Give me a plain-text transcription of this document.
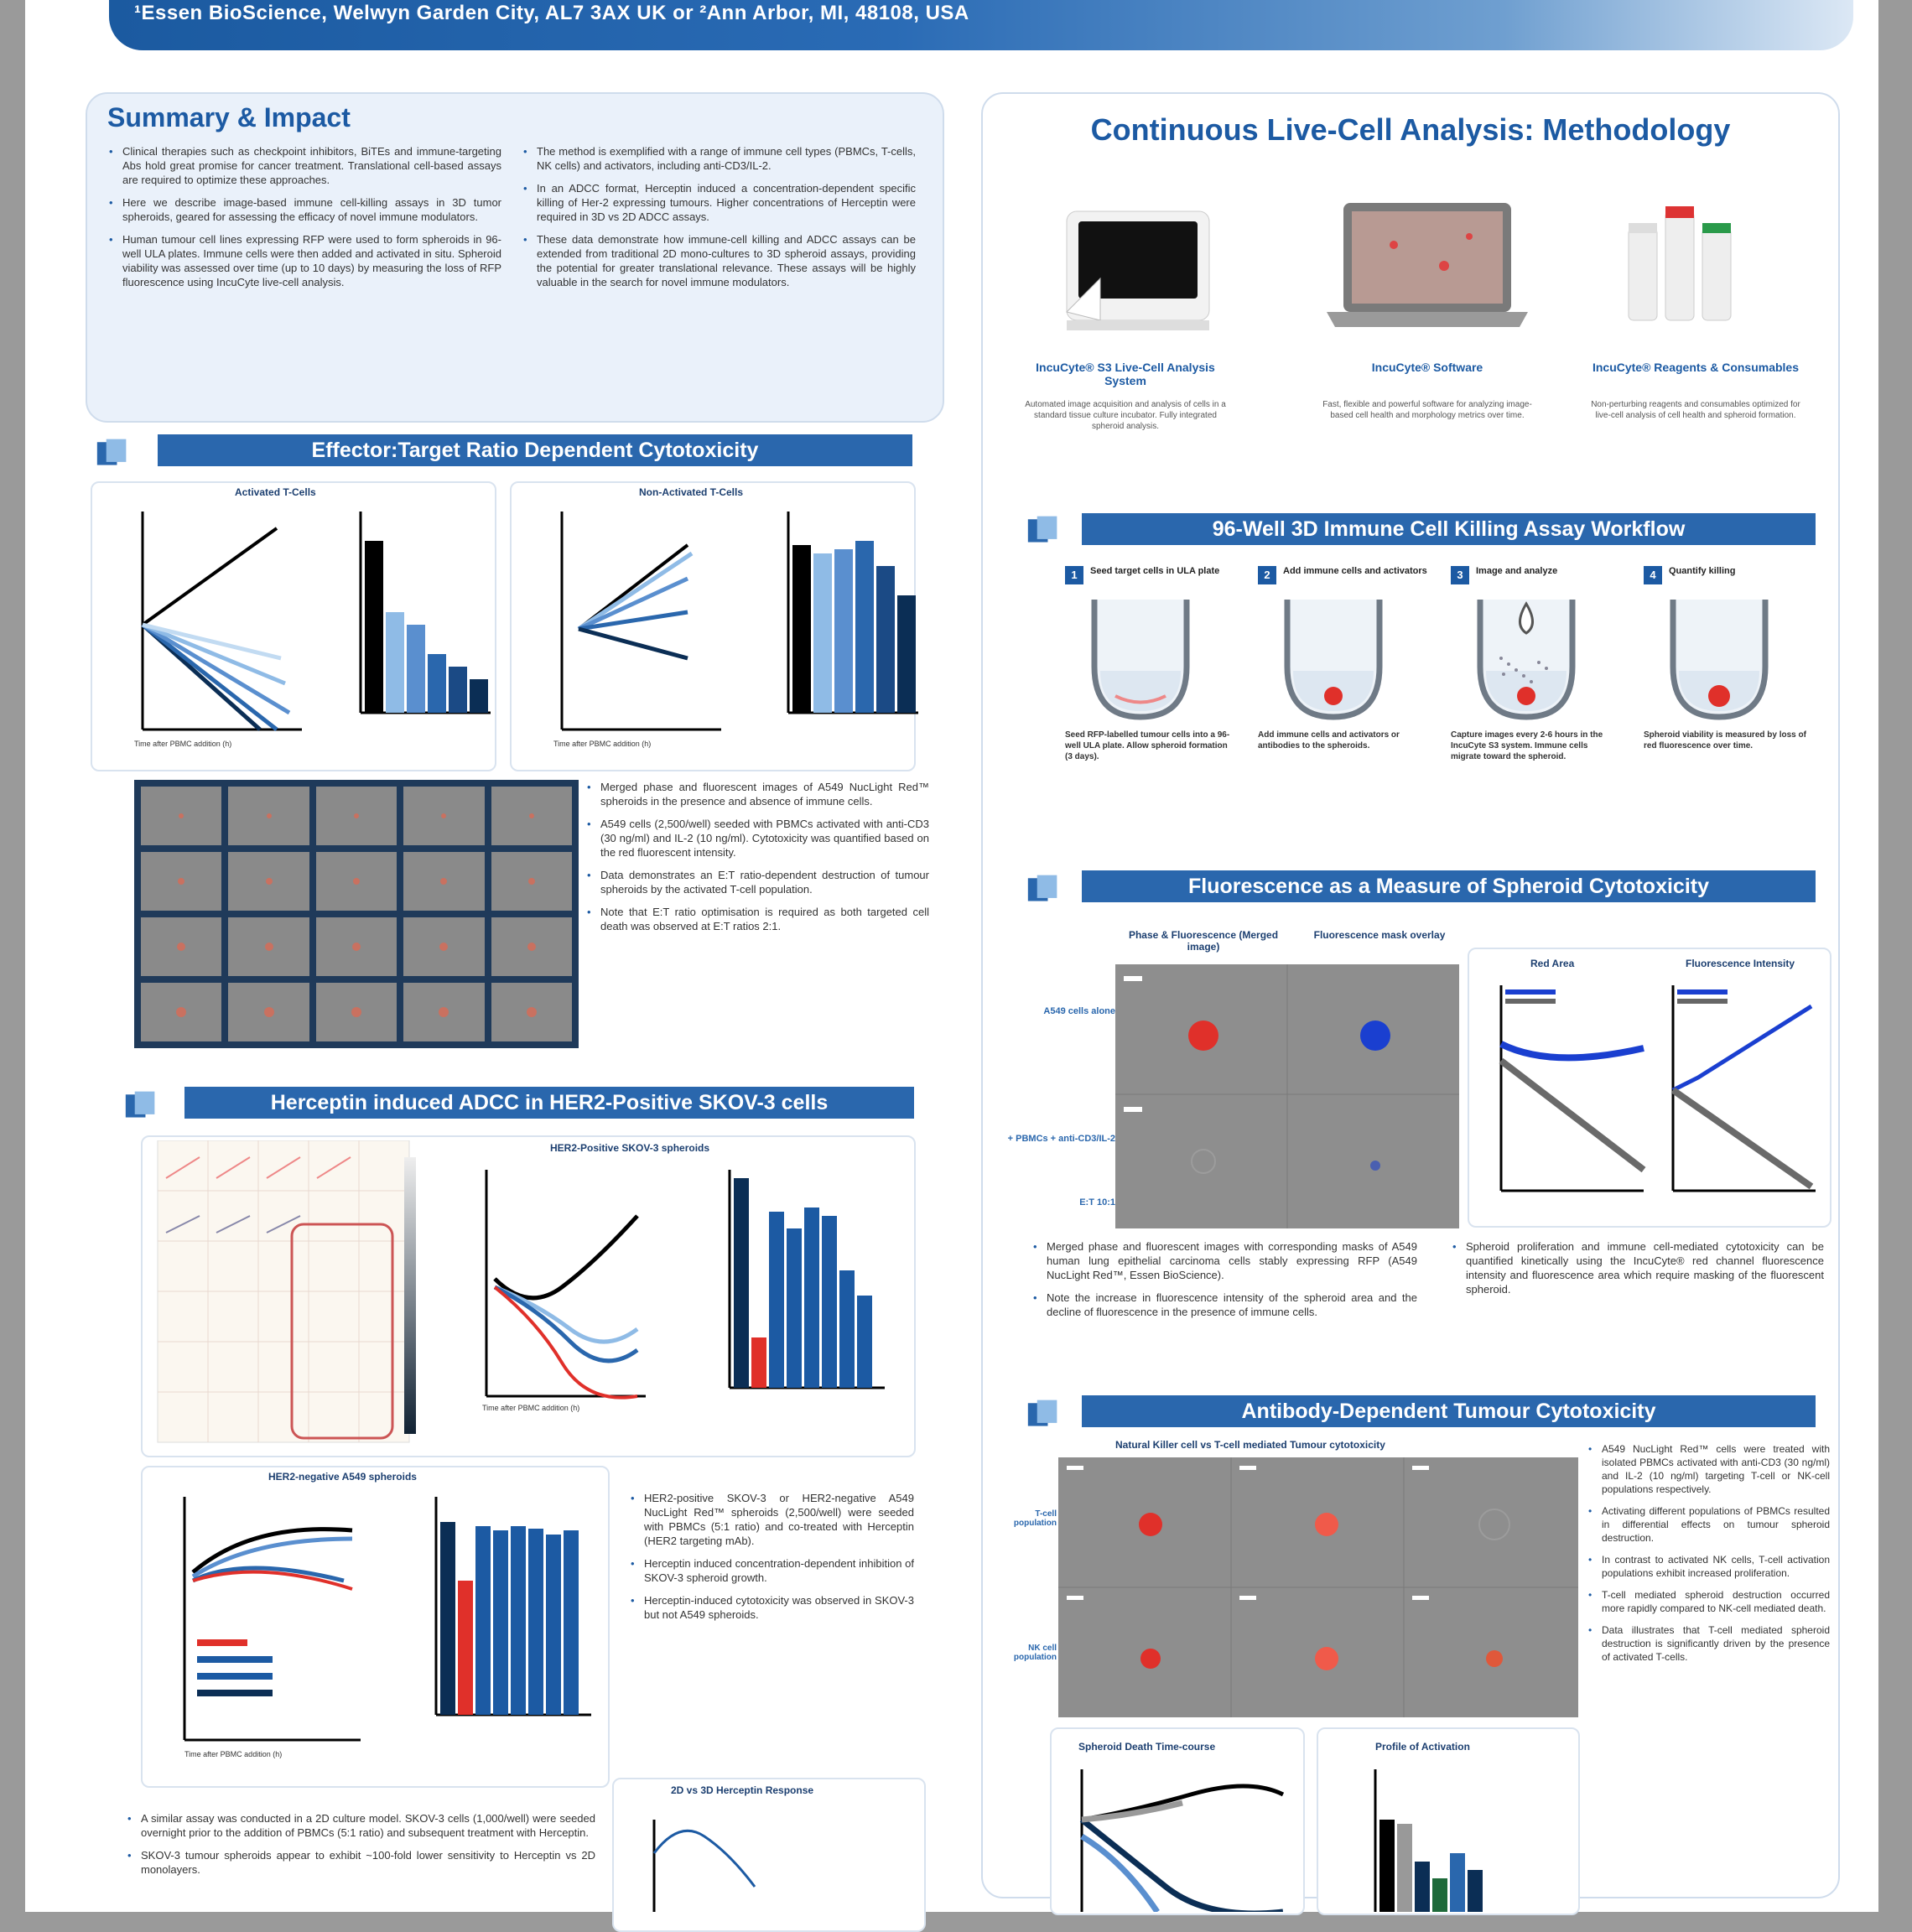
¹Essen BioScience, Welwyn Garden City, AL7 3AX UK or ²Ann Arbor, MI, 48108, USA
Summary & Impact

• Clinical therapies such as checkpoint inhibitors, BiTEs and immune-targeting Abs hold great promise for cancer treatment. Translational cell-based assays are required to optimize these approaches.

• Here we describe image-based immune cell-killing assays in 3D tumor spheroids, geared for assessing the efficacy of novel immune modulators.

• Human tumour cell lines expressing RFP were used to form spheroids in 96-well ULA plates. Immune cells were then added and activated in situ. Spheroid viability was assessed over time (up to 10 days) by measuring the loss of RFP fluorescence using IncuCyte live-cell analysis.

• The method is exemplified with a range of immune cell types (PBMCs, T-cells, NK cells) and activators, including anti-CD3/IL-2.

• In an ADCC format, Herceptin induced a concentration-dependent specific killing of Her-2 expressing tumours. Higher concentrations of Herceptin were required in 3D vs 2D ADCC assays.

• These data demonstrate how immune-cell killing and ADCC assays can be extended from traditional 2D mono-cultures to 3D spheroid assays, providing the potential for greater translational relevance. These assays will be highly valuable in the search for novel immune modulators.

Continuous Live-Cell Analysis: Methodology
IncuCyte® S3 Live-Cell Analysis System
Automated image acquisition and analysis of cells in a standard tissue culture incubator. Fully integrated spheroid analysis.
IncuCyte® Software
Fast, flexible and powerful software for analyzing image-based cell health and morphology metrics over time.
IncuCyte® Reagents & Consumables
Non-perturbing reagents and consumables optimized for live-cell analysis of cell health and spheroid formation.
Effector:Target Ratio Dependent Cytotoxicity
Activated T-Cells	Non-Activated T-Cells
Time after PBMC addition (h)	Time after PBMC addition (h)

• Merged phase and fluorescent images of A549 NucLight Red™ spheroids in the presence and absence of immune cells.

• A549 cells (2,500/well) seeded with PBMCs activated with anti-CD3 (30 ng/ml) and IL-2 (10 ng/ml). Cytotoxicity was quantified based on the red fluorescent intensity.

• Data demonstrates an E:T ratio-dependent destruction of tumour spheroids by the activated T-cell population.

• Note that E:T ratio optimisation is required as both targeted cell death was observed at E:T ratios 2:1.

Herceptin induced ADCC in HER2-Positive SKOV-3 cells
HER2-Positive SKOV-3 spheroids
Time after PBMC addition (h)
HER2-negative A549 spheroids
Time after PBMC addition (h)

• HER2-positive SKOV-3 or HER2-negative A549 NucLight Red™ spheroids (2,500/well) were seeded with PBMCs (5:1 ratio) and co-treated with Herceptin (HER2 targeting mAb).

• Herceptin induced concentration-dependent inhibition of SKOV-3 spheroid growth.

• Herceptin-induced cytotoxicity was observed in SKOV-3 but not A549 spheroids.

• A similar assay was conducted in a 2D culture model. SKOV-3 cells (1,000/well) were seeded overnight prior to the addition of PBMCs (5:1 ratio) and subsequent treatment with Herceptin.

• SKOV-3 tumour spheroids appear to exhibit ~100-fold lower sensitivity to Herceptin vs 2D monolayers.

2D vs 3D Herceptin Response
96-Well 3D Immune Cell Killing Assay Workflow
1	Seed target cells in ULA plate
Seed RFP-labelled tumour cells into a 96-well ULA plate. Allow spheroid formation (3 days).
2	Add immune cells and activators
Add immune cells and activators or antibodies to the spheroids.
3	Image and analyze
Capture images every 2-6 hours in the IncuCyte S3 system. Immune cells migrate toward the spheroid.
4	Quantify killing
Spheroid viability is measured by loss of red fluorescence over time.
Fluorescence as a Measure of Spheroid Cytotoxicity
Phase & Fluorescence (Merged image)
Fluorescence mask overlay
A549 cells alone
+ PBMCs + anti-CD3/IL-2
E:T 10:1
Red Area	Fluorescence Intensity

• Merged phase and fluorescent images with corresponding masks of A549 human lung epithelial carcinoma cells stably expressing RFP (A549 NucLight Red™, Essen BioScience).

• Note the increase in fluorescence intensity of the spheroid area and the decline of fluorescence in the presence of immune cells.

• Spheroid proliferation and immune cell-mediated cytotoxicity can be quantified kinetically using the IncuCyte® red channel fluorescence intensity and fluorescence area which require masking of the fluorescent spheroid.

Antibody-Dependent Tumour Cytotoxicity
Natural Killer cell vs T-cell mediated Tumour cytotoxicity
T-cell population
NK cell population
Spheroid Death Time-course	Profile of Activation

• A549 NucLight Red™ cells were treated with isolated PBMCs activated with anti-CD3 (30 ng/ml) and IL-2 (10 ng/ml) targeting T-cell or NK-cell populations respectively.

• Activating different populations of PBMCs resulted in differential effects on tumour spheroid destruction.

• In contrast to activated NK cells, T-cell activation populations exhibit increased proliferation.

• T-cell mediated spheroid destruction occurred more rapidly compared to NK-cell mediated death.

• Data illustrates that T-cell mediated spheroid destruction is significantly driven by the presence of activated T-cells.
